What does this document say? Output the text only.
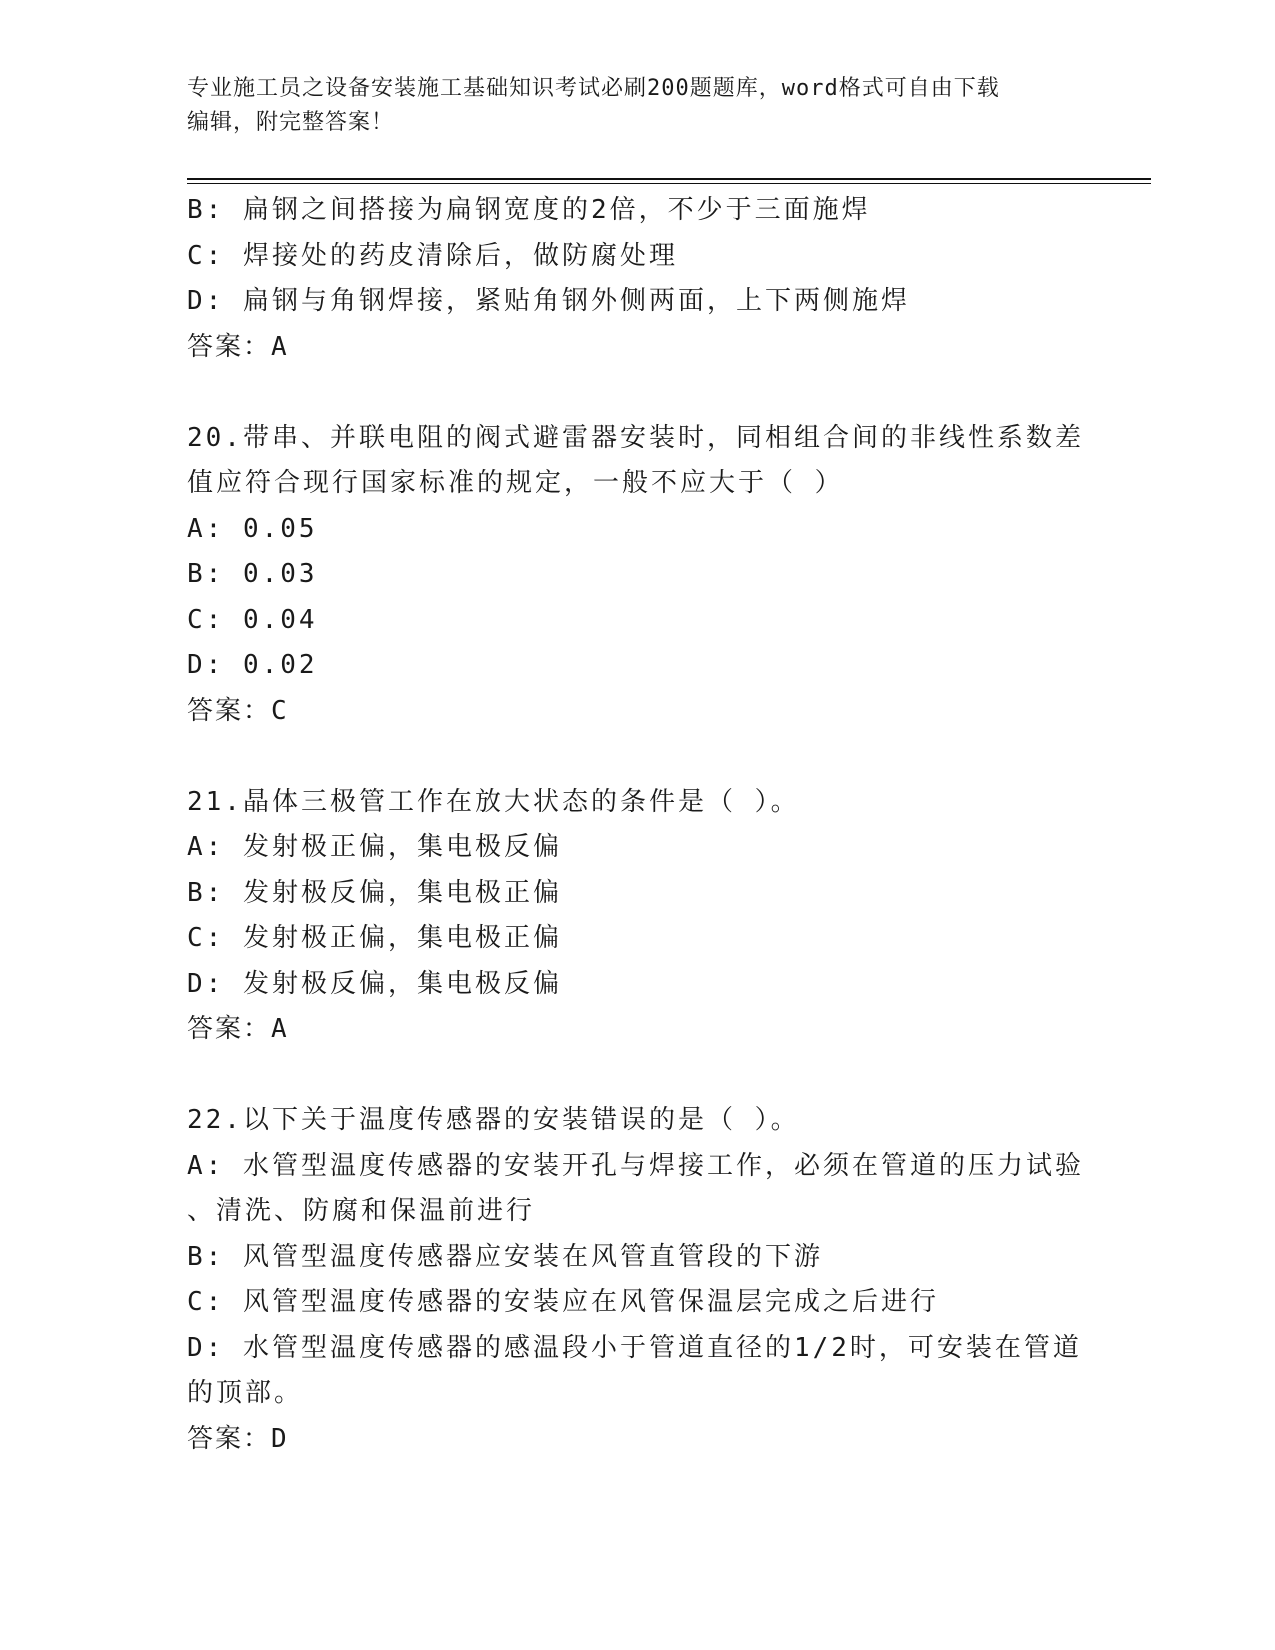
专业施工员之设备安装施工基础知识考试必刷200题题库，word格式可自由下载
编辑，附完整答案！
B: 扁钢之间搭接为扁钢宽度的2倍，不少于三面施焊
C: 焊接处的药皮清除后，做防腐处理
D: 扁钢与角钢焊接，紧贴角钢外侧两面，上下两侧施焊
答案：A
20.带串、并联电阻的阀式避雷器安装时，同相组合间的非线性系数差
值应符合现行国家标准的规定，一般不应大于（ ）
A: 0.05
B: 0.03
C: 0.04
D: 0.02
答案：C
21.晶体三极管工作在放大状态的条件是（ ）。
A: 发射极正偏，集电极反偏
B: 发射极反偏，集电极正偏
C: 发射极正偏，集电极正偏
D: 发射极反偏，集电极反偏
答案：A
22.以下关于温度传感器的安装错误的是（ ）。
A: 水管型温度传感器的安装开孔与焊接工作，必须在管道的压力试验
、清洗、防腐和保温前进行
B: 风管型温度传感器应安装在风管直管段的下游
C: 风管型温度传感器的安装应在风管保温层完成之后进行
D: 水管型温度传感器的感温段小于管道直径的1/2时，可安装在管道
的顶部。
答案：D
